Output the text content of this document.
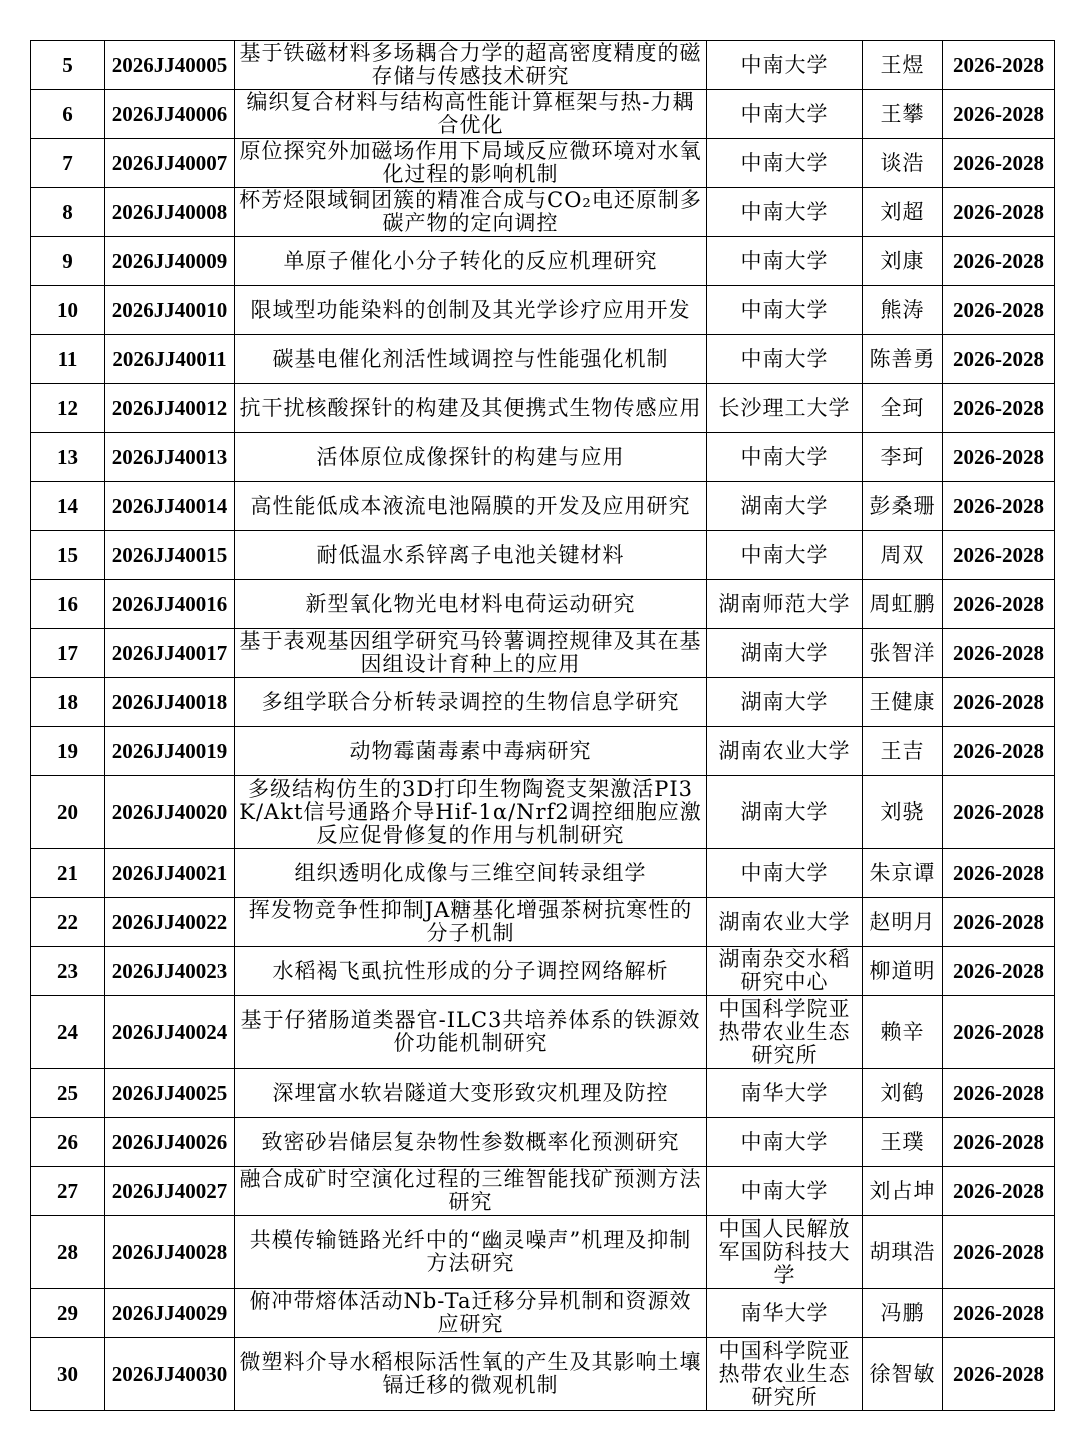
5	2026JJ40005	基于铁磁材料多场耦合力学的超高密度精度的磁存储与传感技术研究	中南大学	王煜	2026-2028
6	2026JJ40006	编织复合材料与结构高性能计算框架与热-力耦合优化	中南大学	王攀	2026-2028
7	2026JJ40007	原位探究外加磁场作用下局域反应微环境对水氧化过程的影响机制	中南大学	谈浩	2026-2028
8	2026JJ40008	杯芳烃限域铜团簇的精准合成与CO₂电还原制多碳产物的定向调控	中南大学	刘超	2026-2028
9	2026JJ40009	单原子催化小分子转化的反应机理研究	中南大学	刘康	2026-2028
10	2026JJ40010	限域型功能染料的创制及其光学诊疗应用开发	中南大学	熊涛	2026-2028
11	2026JJ40011	碳基电催化剂活性域调控与性能强化机制	中南大学	陈善勇	2026-2028
12	2026JJ40012	抗干扰核酸探针的构建及其便携式生物传感应用	长沙理工大学	全珂	2026-2028
13	2026JJ40013	活体原位成像探针的构建与应用	中南大学	李珂	2026-2028
14	2026JJ40014	高性能低成本液流电池隔膜的开发及应用研究	湖南大学	彭桑珊	2026-2028
15	2026JJ40015	耐低温水系锌离子电池关键材料	中南大学	周双	2026-2028
16	2026JJ40016	新型氧化物光电材料电荷运动研究	湖南师范大学	周虹鹏	2026-2028
17	2026JJ40017	基于表观基因组学研究马铃薯调控规律及其在基因组设计育种上的应用	湖南大学	张智洋	2026-2028
18	2026JJ40018	多组学联合分析转录调控的生物信息学研究	湖南大学	王健康	2026-2028
19	2026JJ40019	动物霉菌毒素中毒病研究	湖南农业大学	王吉	2026-2028
20	2026JJ40020	多级结构仿生的3D打印生物陶瓷支架激活PI3K/Akt信号通路介导Hif-1α/Nrf2调控细胞应激反应促骨修复的作用与机制研究	湖南大学	刘骁	2026-2028
21	2026JJ40021	组织透明化成像与三维空间转录组学	中南大学	朱京谭	2026-2028
22	2026JJ40022	挥发物竞争性抑制JA糖基化增强茶树抗寒性的分子机制	湖南农业大学	赵明月	2026-2028
23	2026JJ40023	水稻褐飞虱抗性形成的分子调控网络解析	湖南杂交水稻研究中心	柳道明	2026-2028
24	2026JJ40024	基于仔猪肠道类器官-ILC3共培养体系的铁源效价功能机制研究	中国科学院亚热带农业生态研究所	赖辛	2026-2028
25	2026JJ40025	深埋富水软岩隧道大变形致灾机理及防控	南华大学	刘鹤	2026-2028
26	2026JJ40026	致密砂岩储层复杂物性参数概率化预测研究	中南大学	王璞	2026-2028
27	2026JJ40027	融合成矿时空演化过程的三维智能找矿预测方法研究	中南大学	刘占坤	2026-2028
28	2026JJ40028	共模传输链路光纤中的“幽灵噪声”机理及抑制方法研究	中国人民解放军国防科技大学	胡琪浩	2026-2028
29	2026JJ40029	俯冲带熔体活动Nb-Ta迁移分异机制和资源效应研究	南华大学	冯鹏	2026-2028
30	2026JJ40030	微塑料介导水稻根际活性氧的产生及其影响土壤镉迁移的微观机制	中国科学院亚热带农业生态研究所	徐智敏	2026-2028
